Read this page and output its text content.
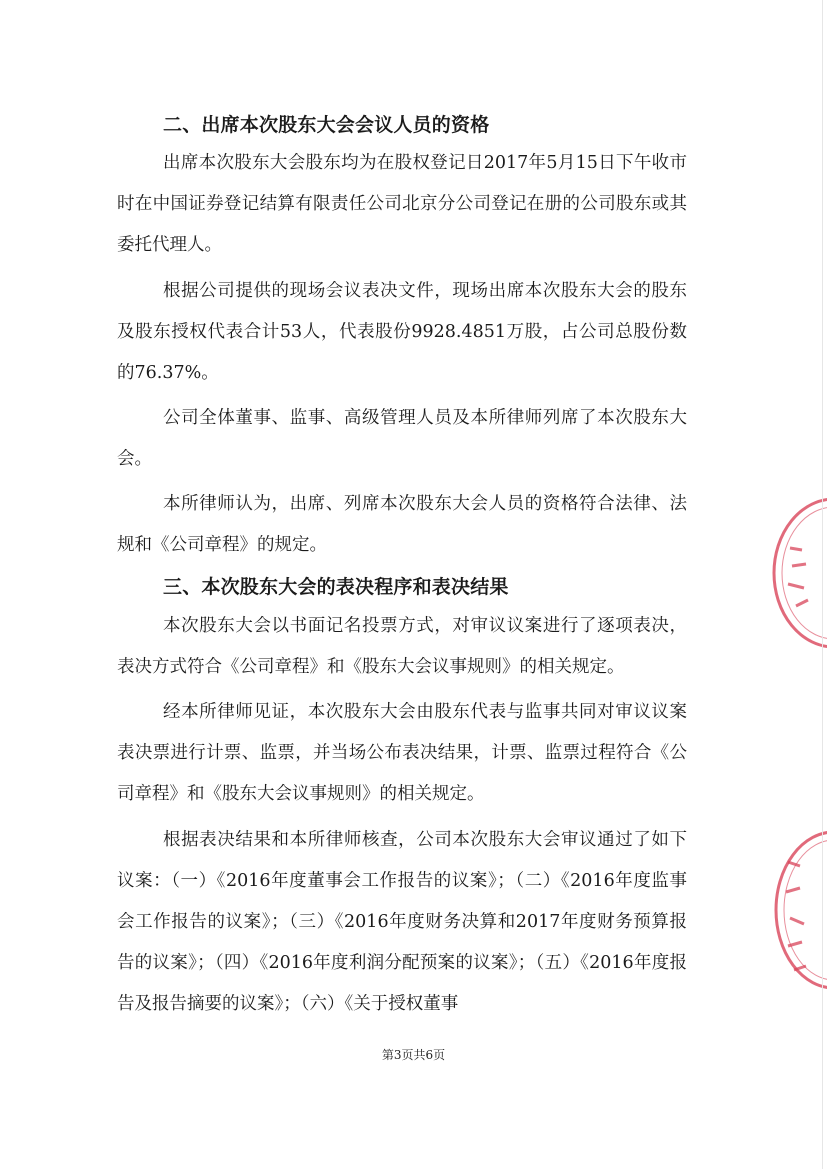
二、出席本次股东大会会议人员的资格

出席本次股东大会股东均为在股权登记日2017年5月15日下午收市时在中国证券登记结算有限责任公司北京分公司登记在册的公司股东或其委托代理人。

根据公司提供的现场会议表决文件，现场出席本次股东大会的股东及股东授权代表合计53人，代表股份9928.4851万股，占公司总股份数的76.37%。

公司全体董事、监事、高级管理人员及本所律师列席了本次股东大会。

本所律师认为，出席、列席本次股东大会人员的资格符合法律、法规和《公司章程》的规定。

三、本次股东大会的表决程序和表决结果

本次股东大会以书面记名投票方式，对审议议案进行了逐项表决，表决方式符合《公司章程》和《股东大会议事规则》的相关规定。

经本所律师见证，本次股东大会由股东代表与监事共同对审议议案表决票进行计票、监票，并当场公布表决结果，计票、监票过程符合《公司章程》和《股东大会议事规则》的相关规定。

根据表决结果和本所律师核查，公司本次股东大会审议通过了如下议案：（一）《2016年度董事会工作报告的议案》；（二）《2016年度监事会工作报告的议案》；（三）《2016年度财务决算和2017年度财务预算报告的议案》；（四）《2016年度利润分配预案的议案》；（五）《2016年度报告及报告摘要的议案》；（六）《关于授权董事

第3页共6页
